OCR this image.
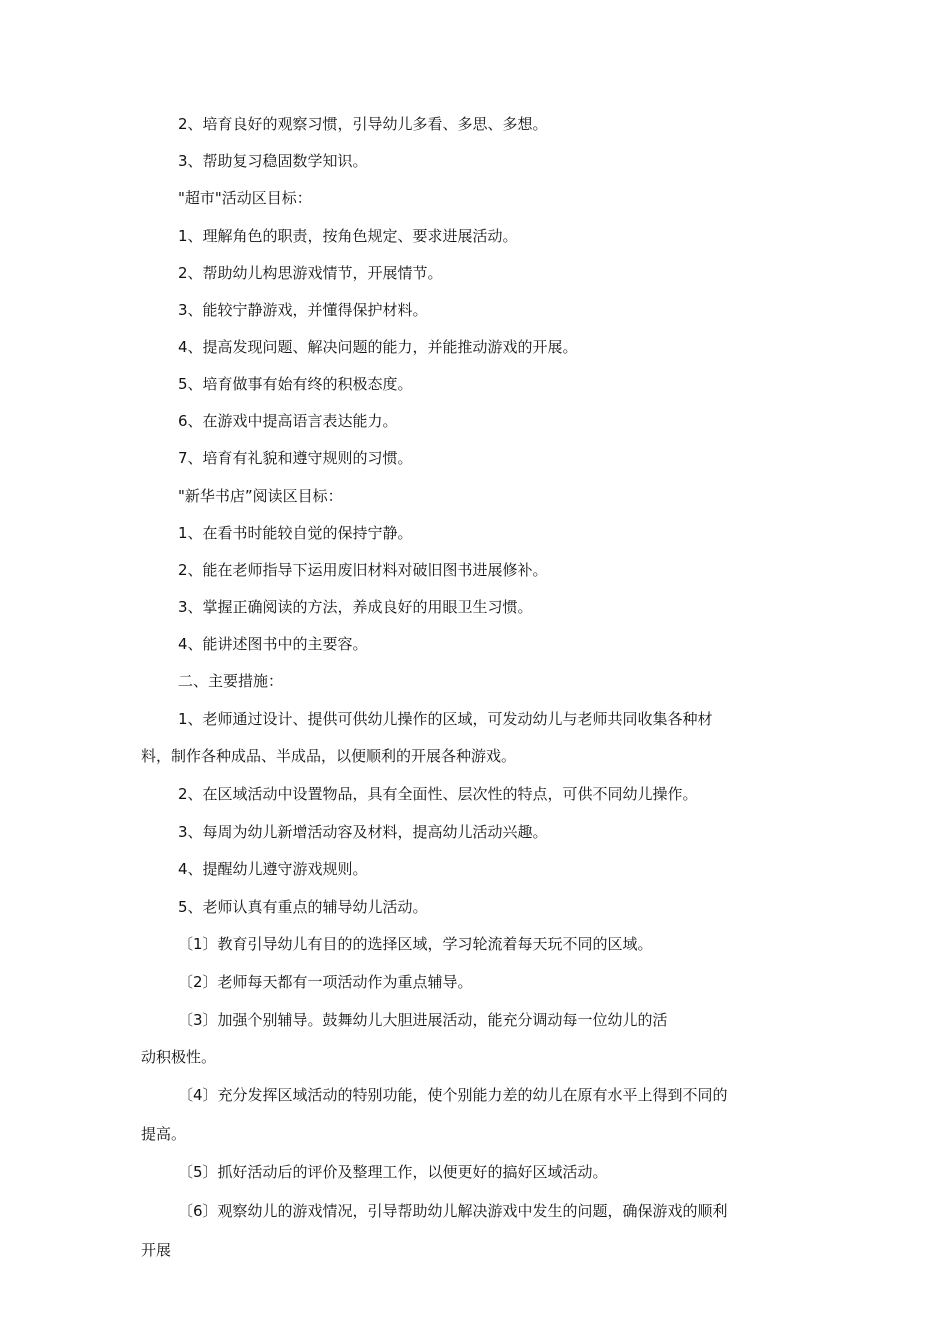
2、培育良好的观察习惯，引导幼儿多看、多思、多想。

3、帮助复习稳固数学知识。

"超市"活动区目标：

1、理解角色的职责，按角色规定、要求进展活动。

2、帮助幼儿构思游戏情节，开展情节。

3、能较宁静游戏，并懂得保护材料。

4、提高发现问题、解决问题的能力，并能推动游戏的开展。

5、培育做事有始有终的积极态度。

6、在游戏中提高语言表达能力。

7、培育有礼貌和遵守规则的习惯。

"新华书店”阅读区目标：

1、在看书时能较自觉的保持宁静。

2、能在老师指导下运用废旧材料对破旧图书进展修补。

3、掌握正确阅读的方法，养成良好的用眼卫生习惯。

4、能讲述图书中的主要容。

二、主要措施：

1、老师通过设计、提供可供幼儿操作的区域，可发动幼儿与老师共同收集各种材

料，制作各种成品、半成品，以便顺利的开展各种游戏。

2、在区域活动中设置物品，具有全面性、层次性的特点，可供不同幼儿操作。

3、每周为幼儿新增活动容及材料，提高幼儿活动兴趣。

4、提醒幼儿遵守游戏规则。

5、老师认真有重点的辅导幼儿活动。

〔1〕教育引导幼儿有目的的选择区域，学习轮流着每天玩不同的区域。

〔2〕老师每天都有一项活动作为重点辅导。

〔3〕加强个别辅导。鼓舞幼儿大胆进展活动，能充分调动每一位幼儿的活

动积极性。

〔4〕充分发挥区域活动的特别功能，使个别能力差的幼儿在原有水平上得到不同的

提高。

〔5〕抓好活动后的评价及整理工作，以便更好的搞好区域活动。

〔6〕观察幼儿的游戏情况，引导帮助幼儿解决游戏中发生的问题，确保游戏的顺利

开展
